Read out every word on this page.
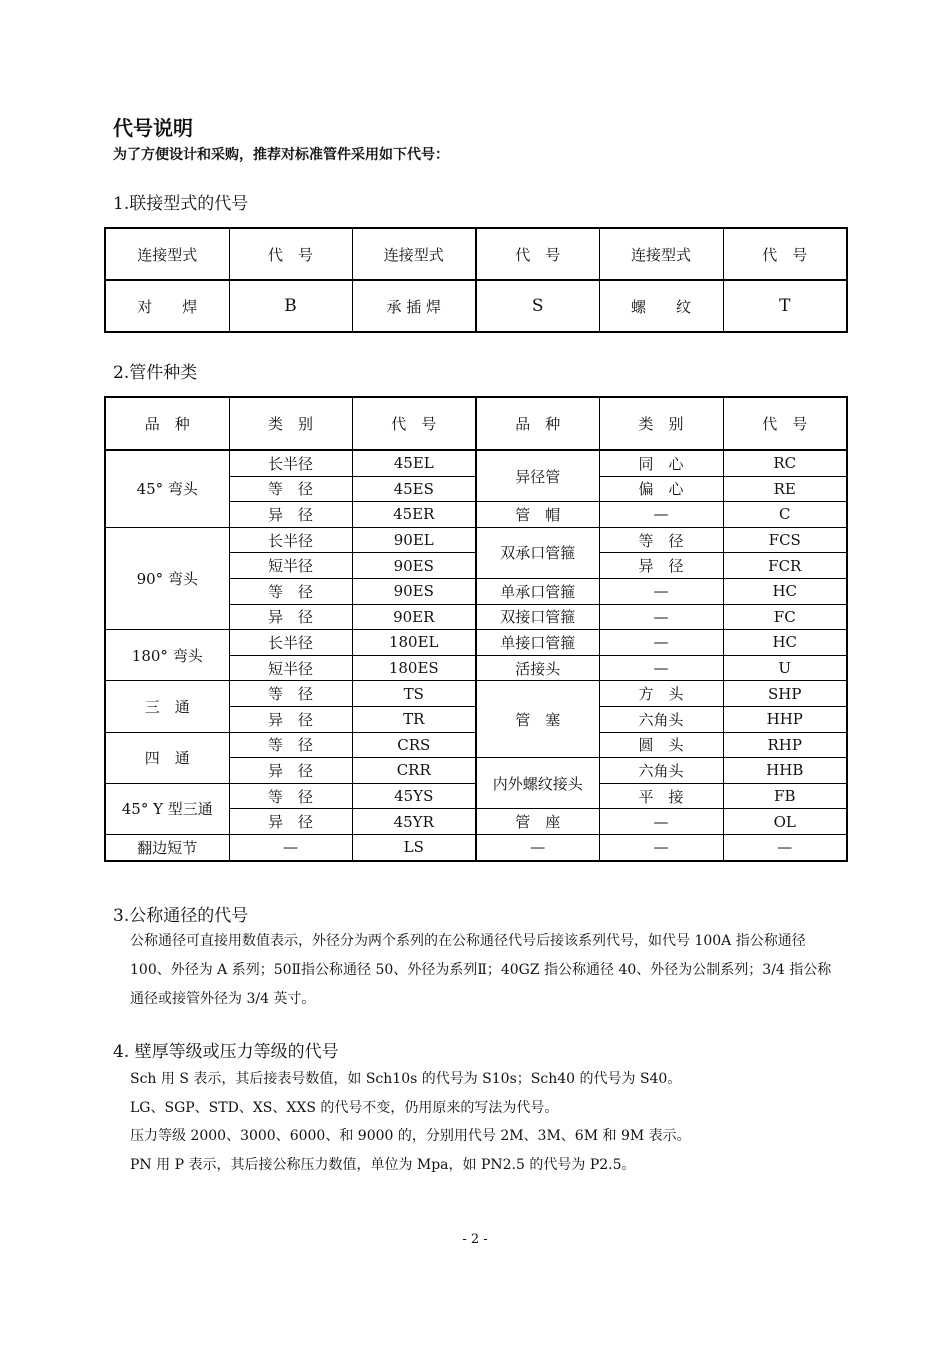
代号说明
为了方便设计和采购，推荐对标准管件采用如下代号：
1.联接型式的代号
连接型式	代　号	连接型式	代　号	连接型式	代　号
对　　焊	B	承 插 焊	S	螺　　纹	T
2.管件种类
品　种	类　别	代　号	品　种	类　别	代　号
45° 弯头	长半径	45EL	异径管	同　心	RC
	等　径	45ES		偏　心	RE
	异　径	45ER	管　帽	—	C
90° 弯头	长半径	90EL	双承口管箍	等　径	FCS
	短半径	90ES		异　径	FCR
	等　径	90ES	单承口管箍	—	HC
	异　径	90ER	双接口管箍	—	FC
180° 弯头	长半径	180EL	单接口管箍	—	HC
	短半径	180ES	活接头	—	U
三　通	等　径	TS	管　塞	方　头	SHP
	异　径	TR		六角头	HHP
四　通	等　径	CRS		圆　头	RHP
	异　径	CRR	内外螺纹接头	六角头	HHB
45° Y 型三通	等　径	45YS		平　接	FB
	异　径	45YR	管　座	—	OL
翻边短节	—	LS	—	—	—
3.公称通径的代号
公称通径可直接用数值表示，外径分为两个系列的在公称通径代号后接该系列代号，如代号 100A 指公称通径 100、外径为 A 系列；50Ⅱ指公称通径 50、外径为系列Ⅱ；40GZ 指公称通径 40、外径为公制系列；3/4 指公称通径或接管外径为 3/4 英寸。
4. 壁厚等级或压力等级的代号
Sch 用 S 表示，其后接表号数值，如 Sch10s 的代号为 S10s；Sch40 的代号为 S40。
LG、SGP、STD、XS、XXS 的代号不变，仍用原来的写法为代号。
压力等级 2000、3000、6000、和 9000 的，分别用代号 2M、3M、6M 和 9M 表示。
PN 用 P 表示，其后接公称压力数值，单位为 Mpa，如 PN2.5 的代号为 P2.5。
- 2 -
